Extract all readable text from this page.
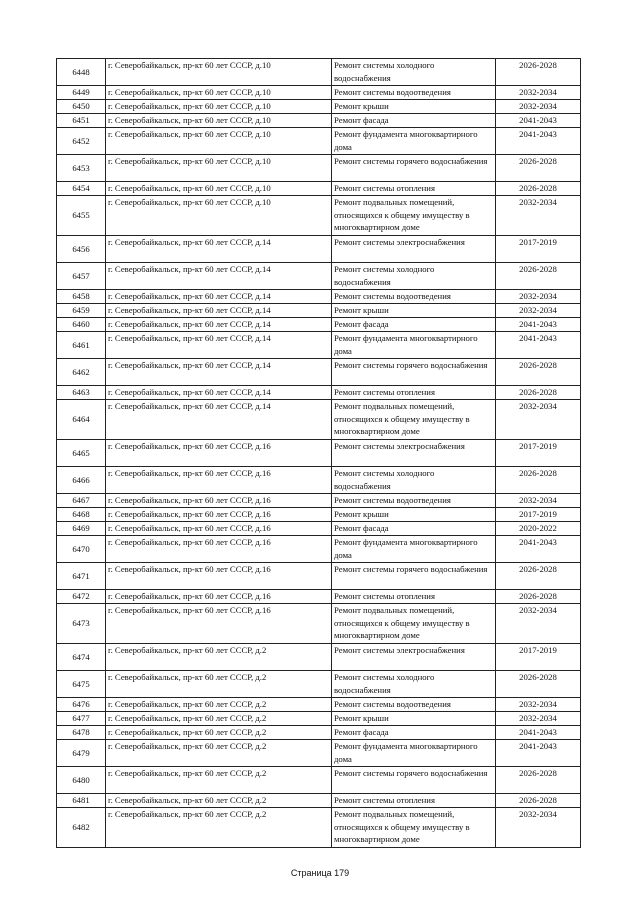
6448	г. Северобайкальск, пр-кт 60 лет СССР, д.10	Ремонт системы холодного водоснабжения	2026-2028
6449	г. Северобайкальск, пр-кт 60 лет СССР, д.10	Ремонт системы водоотведения	2032-2034
6450	г. Северобайкальск, пр-кт 60 лет СССР, д.10	Ремонт крыши	2032-2034
6451	г. Северобайкальск, пр-кт 60 лет СССР, д.10	Ремонт фасада	2041-2043
6452	г. Северобайкальск, пр-кт 60 лет СССР, д.10	Ремонт фундамента многоквартирного дома	2041-2043
6453	г. Северобайкальск, пр-кт 60 лет СССР, д.10	Ремонт системы горячего водоснабжения	2026-2028
6454	г. Северобайкальск, пр-кт 60 лет СССР, д.10	Ремонт системы отопления	2026-2028
6455	г. Северобайкальск, пр-кт 60 лет СССР, д.10	Ремонт подвальных помещений, относящихся к общему имуществу в многоквартирном доме	2032-2034
6456	г. Северобайкальск, пр-кт 60 лет СССР, д.14	Ремонт системы электроснабжения	2017-2019
6457	г. Северобайкальск, пр-кт 60 лет СССР, д.14	Ремонт системы холодного водоснабжения	2026-2028
6458	г. Северобайкальск, пр-кт 60 лет СССР, д.14	Ремонт системы водоотведения	2032-2034
6459	г. Северобайкальск, пр-кт 60 лет СССР, д.14	Ремонт крыши	2032-2034
6460	г. Северобайкальск, пр-кт 60 лет СССР, д.14	Ремонт фасада	2041-2043
6461	г. Северобайкальск, пр-кт 60 лет СССР, д.14	Ремонт фундамента многоквартирного дома	2041-2043
6462	г. Северобайкальск, пр-кт 60 лет СССР, д.14	Ремонт системы горячего водоснабжения	2026-2028
6463	г. Северобайкальск, пр-кт 60 лет СССР, д.14	Ремонт системы отопления	2026-2028
6464	г. Северобайкальск, пр-кт 60 лет СССР, д.14	Ремонт подвальных помещений, относящихся к общему имуществу в многоквартирном доме	2032-2034
6465	г. Северобайкальск, пр-кт 60 лет СССР, д.16	Ремонт системы электроснабжения	2017-2019
6466	г. Северобайкальск, пр-кт 60 лет СССР, д.16	Ремонт системы холодного водоснабжения	2026-2028
6467	г. Северобайкальск, пр-кт 60 лет СССР, д.16	Ремонт системы водоотведения	2032-2034
6468	г. Северобайкальск, пр-кт 60 лет СССР, д.16	Ремонт крыши	2017-2019
6469	г. Северобайкальск, пр-кт 60 лет СССР, д.16	Ремонт фасада	2020-2022
6470	г. Северобайкальск, пр-кт 60 лет СССР, д.16	Ремонт фундамента многоквартирного дома	2041-2043
6471	г. Северобайкальск, пр-кт 60 лет СССР, д.16	Ремонт системы горячего водоснабжения	2026-2028
6472	г. Северобайкальск, пр-кт 60 лет СССР, д.16	Ремонт системы отопления	2026-2028
6473	г. Северобайкальск, пр-кт 60 лет СССР, д.16	Ремонт подвальных помещений, относящихся к общему имуществу в многоквартирном доме	2032-2034
6474	г. Северобайкальск, пр-кт 60 лет СССР, д.2	Ремонт системы электроснабжения	2017-2019
6475	г. Северобайкальск, пр-кт 60 лет СССР, д.2	Ремонт системы холодного водоснабжения	2026-2028
6476	г. Северобайкальск, пр-кт 60 лет СССР, д.2	Ремонт системы водоотведения	2032-2034
6477	г. Северобайкальск, пр-кт 60 лет СССР, д.2	Ремонт крыши	2032-2034
6478	г. Северобайкальск, пр-кт 60 лет СССР, д.2	Ремонт фасада	2041-2043
6479	г. Северобайкальск, пр-кт 60 лет СССР, д.2	Ремонт фундамента многоквартирного дома	2041-2043
6480	г. Северобайкальск, пр-кт 60 лет СССР, д.2	Ремонт системы горячего водоснабжения	2026-2028
6481	г. Северобайкальск, пр-кт 60 лет СССР, д.2	Ремонт системы отопления	2026-2028
6482	г. Северобайкальск, пр-кт 60 лет СССР, д.2	Ремонт подвальных помещений, относящихся к общему имуществу в многоквартирном доме	2032-2034
Страница 179
